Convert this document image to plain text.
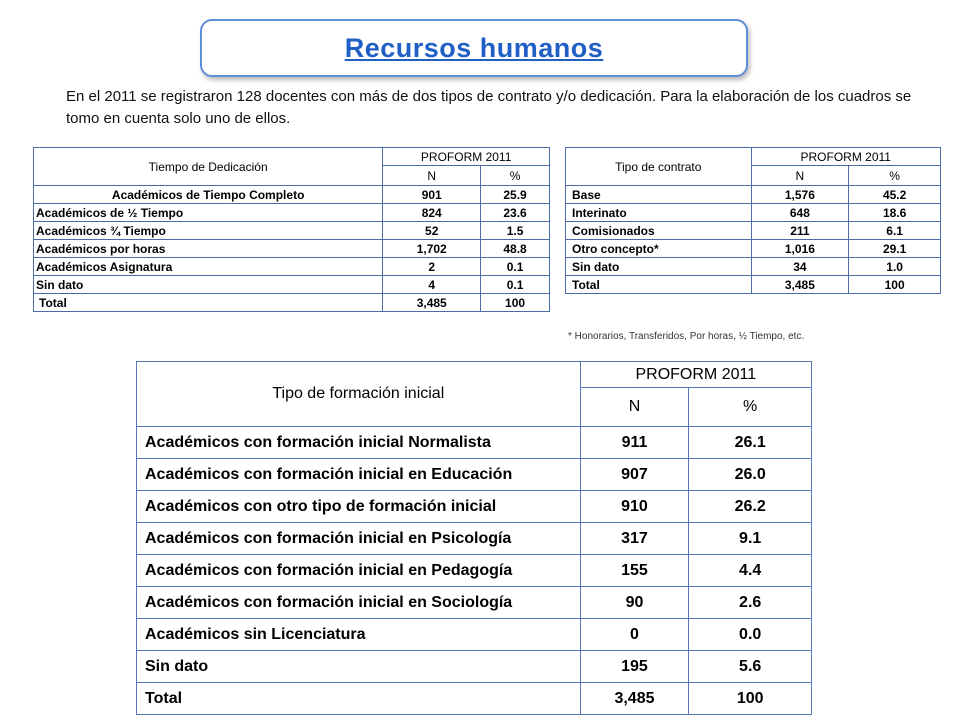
Recursos humanos

En el 2011 se registraron 128 docentes con más de dos tipos de contrato y/o dedicación. Para la elaboración de los cuadros se tomo en cuenta solo uno de ellos.

Tiempo de Dedicación	PROFORM 2011	
	N	%
Académicos de Tiempo Completo	901	25.9
Académicos de ½ Tiempo	824	23.6
Académicos ¾ Tiempo	52	1.5
Académicos por horas	1,702	48.8
Académicos Asignatura	2	0.1
Sin dato	4	0.1
Total	3,485	100
Tipo de contrato	PROFORM 2011	
	N	%
Base	1,576	45.2
Interinato	648	18.6
Comisionados	211	6.1
Otro concepto*	1,016	29.1
Sin dato	34	1.0
Total	3,485	100
* Honorarios, Transferidos, Por horas, ½ Tiempo, etc.
Tipo de formación inicial	PROFORM 2011	
	N	%
Académicos con formación inicial Normalista	911	26.1
Académicos con formación inicial en Educación	907	26.0
Académicos con otro tipo de formación inicial	910	26.2
Académicos con formación inicial en Psicología	317	9.1
Académicos con formación inicial en Pedagogía	155	4.4
Académicos con formación inicial en Sociología	90	2.6
Académicos sin Licenciatura	0	0.0
Sin dato	195	5.6
Total	3,485	100
